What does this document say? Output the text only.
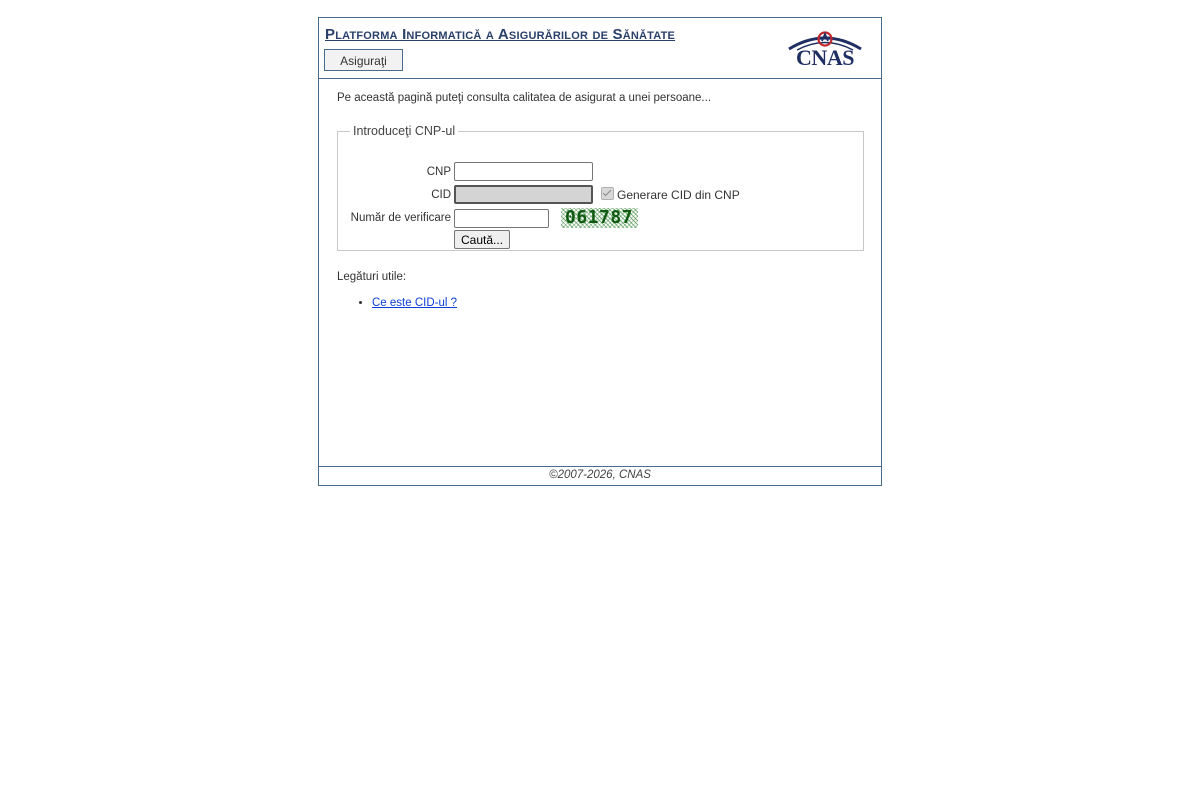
Platforma Informatică a Asigurărilor de Sănătate
Asiguraţi	CNAS

Pe această pagină puteţi consulta calitatea de asigurat a unei persoane...

Introduceţi CNP-ul
CNP
CID	Generare CID din CNP
Număr de verificare	061787
Caută...

Legături utile:

• Ce este CID-ul ?
©2007-2026, CNAS
